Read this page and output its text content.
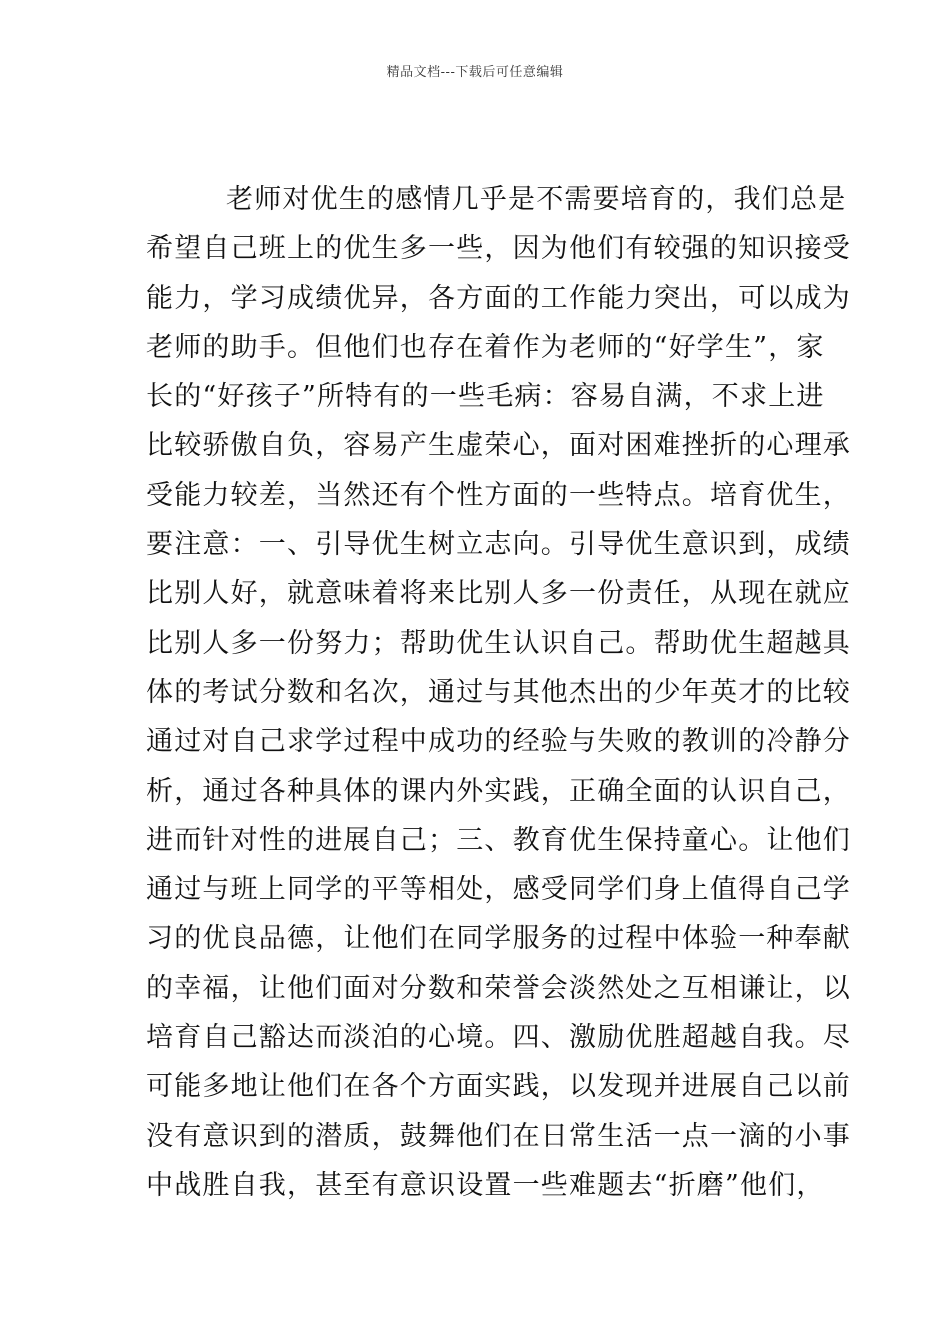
精品文档---下载后可任意编辑
老师对优生的感情几乎是不需要培育的，我们总是
希望自己班上的优生多一些，因为他们有较强的知识接受
能力，学习成绩优异，各方面的工作能力突出，可以成为
老师的助手。但他们也存在着作为老师的“好学生”，家
长的“好孩子”所特有的一些毛病：容易自满，不求上进
比较骄傲自负，容易产生虚荣心，面对困难挫折的心理承
受能力较差，当然还有个性方面的一些特点。培育优生，
要注意：一、引导优生树立志向。引导优生意识到，成绩
比别人好，就意味着将来比别人多一份责任，从现在就应
比别人多一份努力；帮助优生认识自己。帮助优生超越具
体的考试分数和名次，通过与其他杰出的少年英才的比较
通过对自己求学过程中成功的经验与失败的教训的冷静分
析，通过各种具体的课内外实践，正确全面的认识自己，
进而针对性的进展自己；三、教育优生保持童心。让他们
通过与班上同学的平等相处，感受同学们身上值得自己学
习的优良品德，让他们在同学服务的过程中体验一种奉献
的幸福，让他们面对分数和荣誉会淡然处之互相谦让，以
培育自己豁达而淡泊的心境。四、激励优胜超越自我。尽
可能多地让他们在各个方面实践，以发现并进展自己以前
没有意识到的潜质，鼓舞他们在日常生活一点一滴的小事
中战胜自我，甚至有意识设置一些难题去“折磨”他们，
